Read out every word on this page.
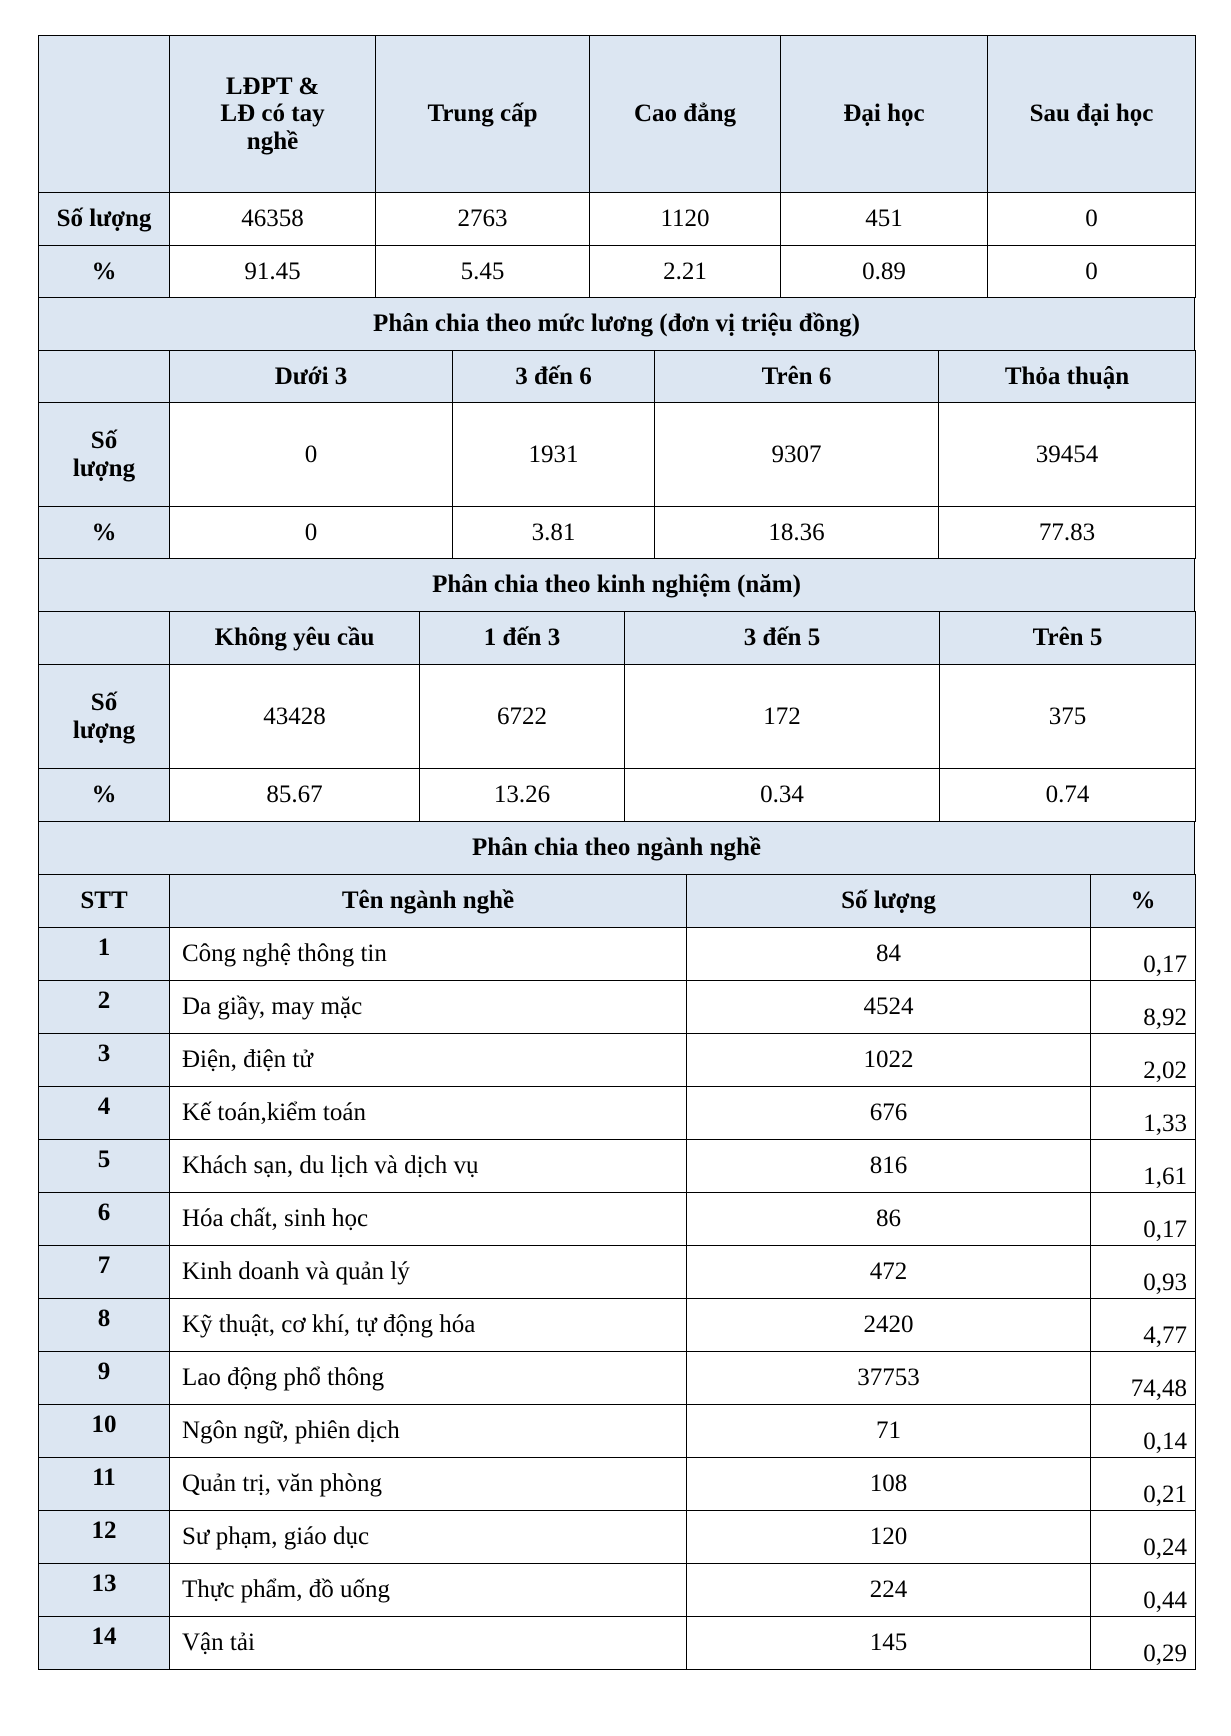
	LĐPT &
LĐ có tay
nghề	Trung cấp	Cao đẳng	Đại học	Sau đại học
Số lượng	46358	2763	1120	451	0
%	91.45	5.45	2.21	0.89	0
Phân chia theo mức lương (đơn vị triệu đồng)
	Dưới 3	3 đến 6	Trên 6	Thỏa thuận

Số
lượng	0	1931	9307	39454
%	0	3.81	18.36	77.83
Phân chia theo kinh nghiệm (năm)
	Không yêu cầu	1 đến 3	3 đến 5	Trên 5

Số
lượng	43428	6722	172	375
%	85.67	13.26	0.34	0.74
Phân chia theo ngành nghề
STT	Tên ngành nghề	Số lượng	%
1	Công nghệ thông tin	84	0,17
2	Da giầy, may mặc	4524	8,92
3	Điện, điện tử	1022	2,02
4	Kế toán,kiểm toán	676	1,33
5	Khách sạn, du lịch và dịch vụ	816	1,61
6	Hóa chất, sinh học	86	0,17
7	Kinh doanh và quản lý	472	0,93
8	Kỹ thuật, cơ khí, tự động hóa	2420	4,77
9	Lao động phổ thông	37753	74,48
10	Ngôn ngữ, phiên dịch	71	0,14
11	Quản trị, văn phòng	108	0,21
12	Sư phạm, giáo dục	120	0,24
13	Thực phẩm, đồ uống	224	0,44
14	Vận tải	145	0,29
